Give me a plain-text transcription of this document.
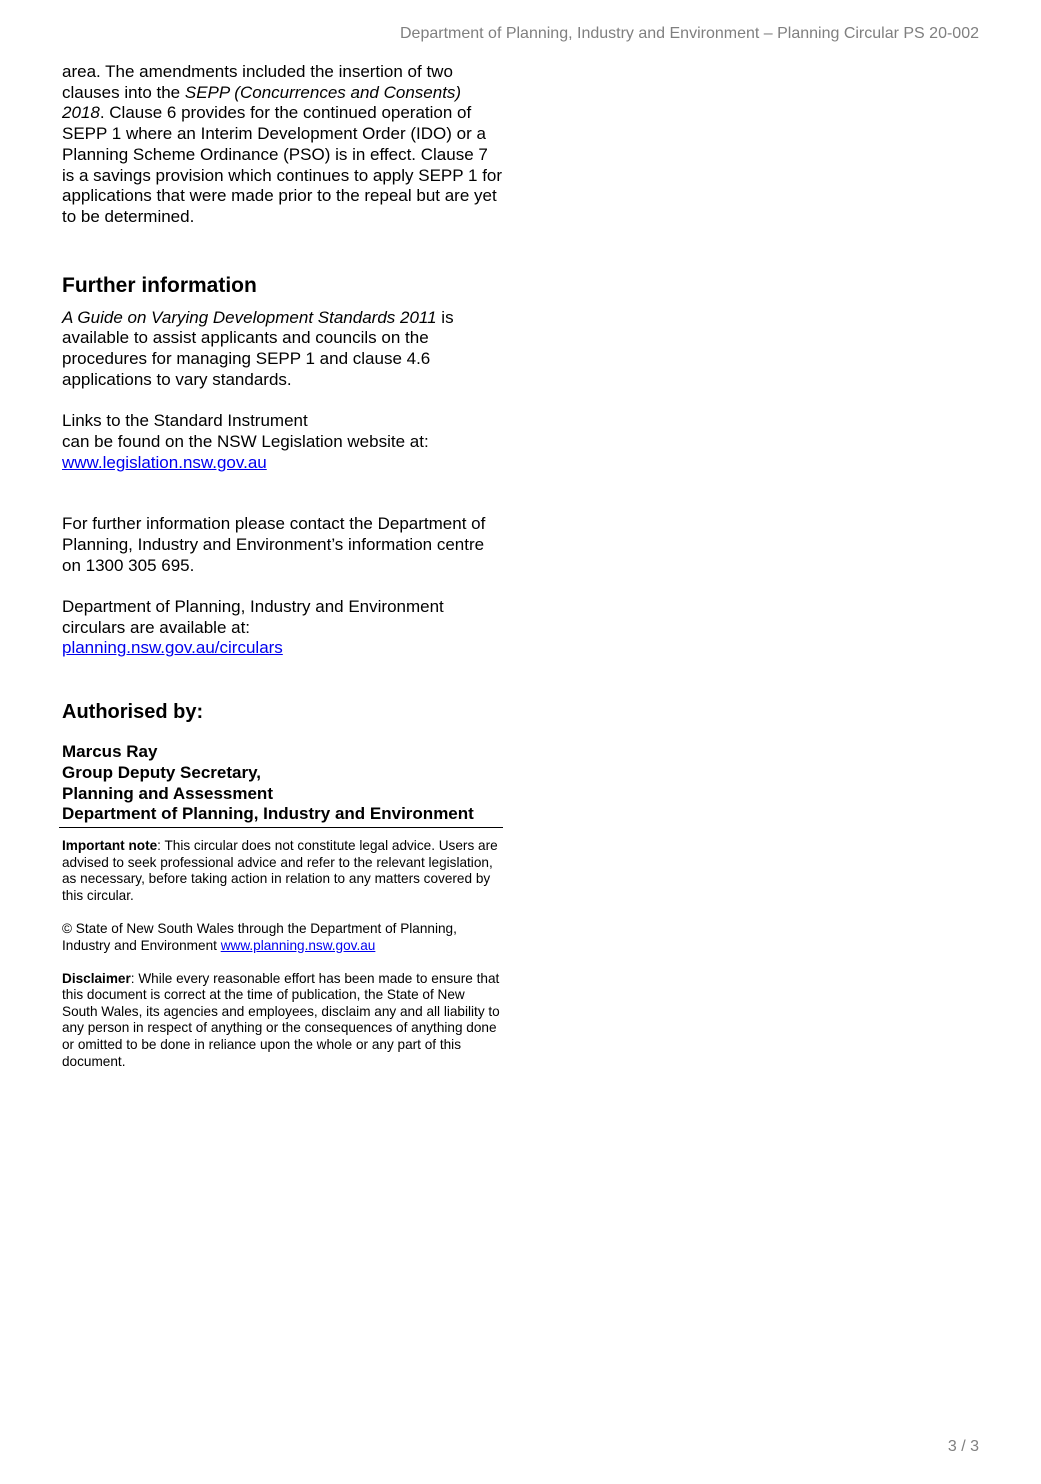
Department of Planning, Industry and Environment – Planning Circular PS 20-002

area. The amendments included the insertion of two clauses into the SEPP (Concurrences and Consents) 2018. Clause 6 provides for the continued operation of SEPP 1 where an Interim Development Order (IDO) or a Planning Scheme Ordinance (PSO) is in effect. Clause 7 is a savings provision which continues to apply SEPP 1 for applications that were made prior to the repeal but are yet to be determined.

Further information

A Guide on Varying Development Standards 2011 is available to assist applicants and councils on the procedures for managing SEPP 1 and clause 4.6 applications to vary standards.

Links to the Standard Instrument
can be found on the NSW Legislation website at:
www.legislation.nsw.gov.au

For further information please contact the Department of Planning, Industry and Environment’s information centre on 1300 305 695.

Department of Planning, Industry and Environment circulars are available at:
planning.nsw.gov.au/circulars

Authorised by:

Marcus Ray

Group Deputy Secretary,

Planning and Assessment

Department of Planning, Industry and Environment

Important note: This circular does not constitute legal advice. Users are advised to seek professional advice and refer to the relevant legislation, as necessary, before taking action in relation to any matters covered by this circular.

© State of New South Wales through the Department of Planning, Industry and Environment www.planning.nsw.gov.au

Disclaimer: While every reasonable effort has been made to ensure that this document is correct at the time of publication, the State of New South Wales, its agencies and employees, disclaim any and all liability to any person in respect of anything or the consequences of anything done or omitted to be done in reliance upon the whole or any part of this document.

3 / 3
